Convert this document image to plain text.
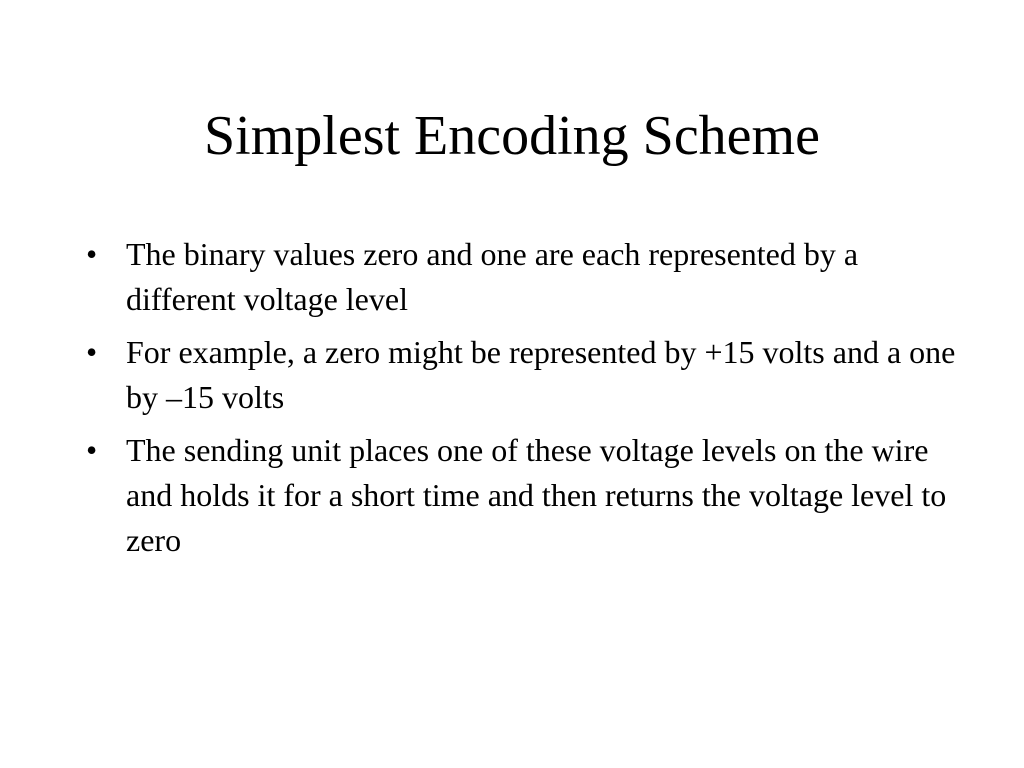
Simplest Encoding Scheme
• The binary values zero and one are each represented by a different voltage level
• For example, a zero might be represented by +15 volts and a one by –15 volts
• The sending unit places one of these voltage levels on the wire and holds it for a short time and then returns the voltage level to zero
